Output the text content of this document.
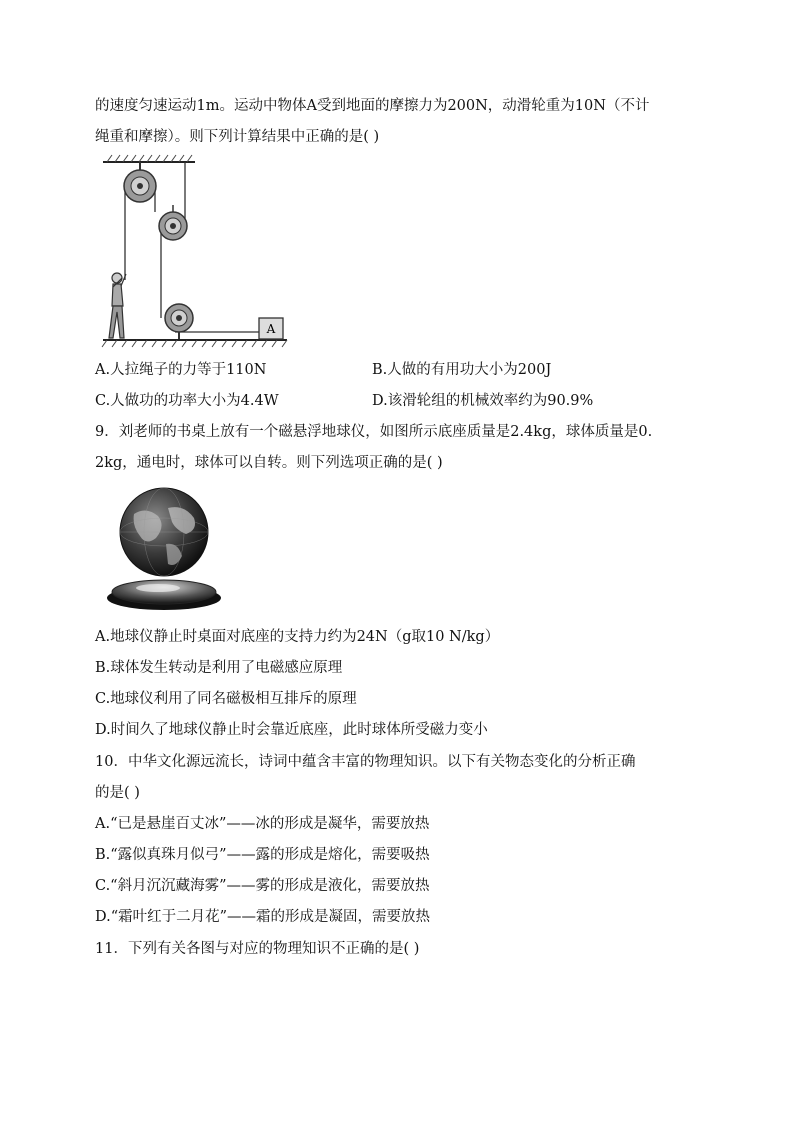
的速度匀速运动1m。运动中物体A受到地面的摩擦力为200N，动滑轮重为10N（不计
绳重和摩擦）。则下列计算结果中正确的是( )
A
A.人拉绳子的力等于110N	B.人做的有用功大小为200J
C.人做功的功率大小为4.4W	D.该滑轮组的机械效率约为90.9%
9．刘老师的书桌上放有一个磁悬浮地球仪，如图所示底座质量是2.4kg，球体质量是0.
2kg，通电时，球体可以自转。则下列选项正确的是( )
A.地球仪静止时桌面对底座的支持力约为24N（g取10 N/kg）
B.球体发生转动是利用了电磁感应原理
C.地球仪利用了同名磁极相互排斥的原理
D.时间久了地球仪静止时会靠近底座，此时球体所受磁力变小
10．中华文化源远流长，诗词中蕴含丰富的物理知识。以下有关物态变化的分析正确
的是( )
A.“已是悬崖百丈冰”——冰的形成是凝华，需要放热
B.“露似真珠月似弓”——露的形成是熔化，需要吸热
C.“斜月沉沉藏海雾”——雾的形成是液化，需要放热
D.“霜叶红于二月花”——霜的形成是凝固，需要放热
11．下列有关各图与对应的物理知识不正确的是( )
